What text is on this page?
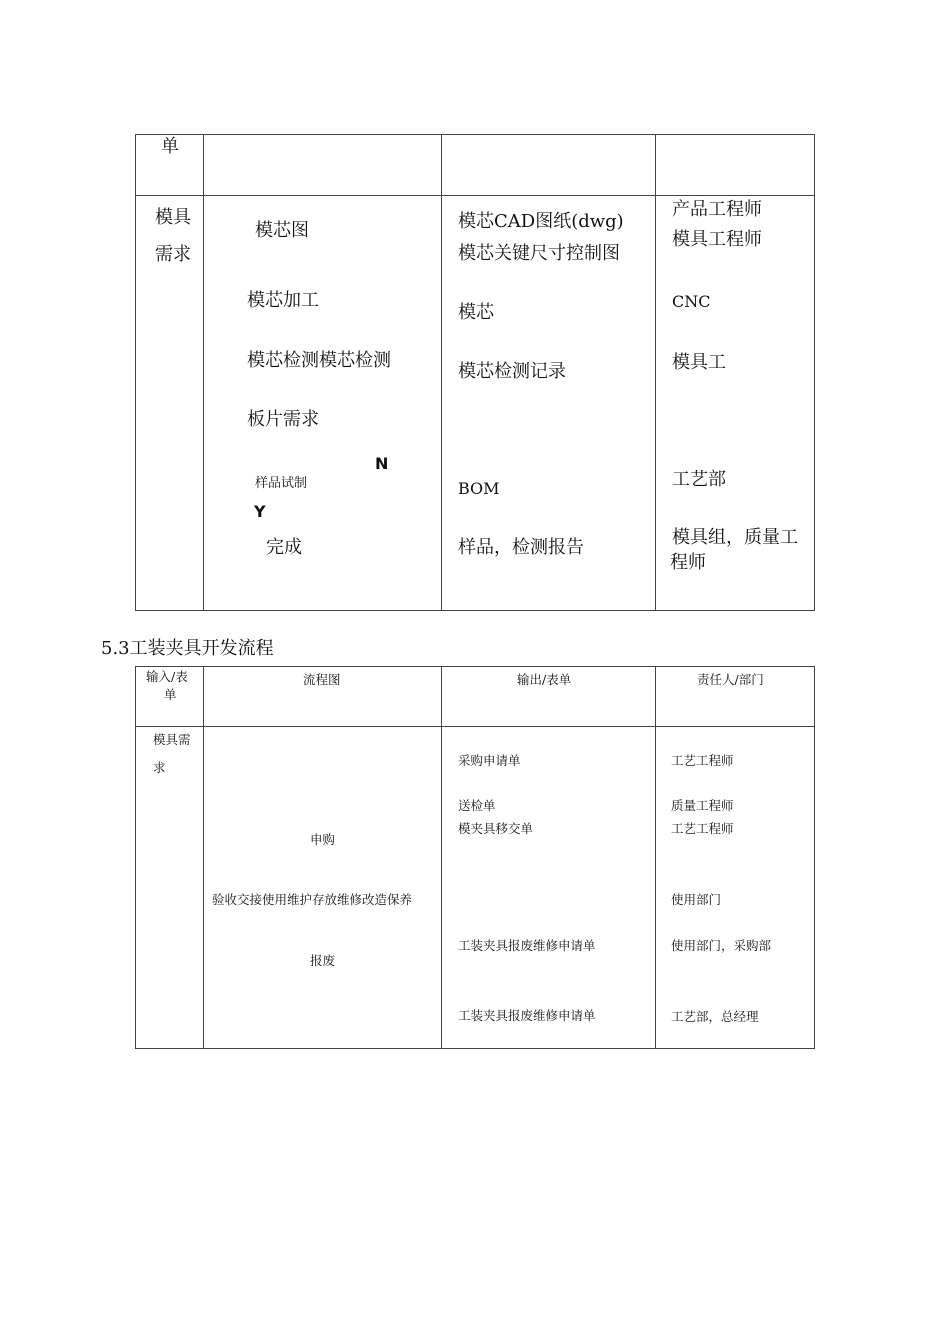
单
模具
需求
模芯图
模芯加工
模芯检测模芯检测
板片需求
N
样品试制
Y
完成
模芯CAD图纸(dwg)
模芯关键尺寸控制图
模芯
模芯检测记录
BOM
样品，检测报告
产品工程师
模具工程师
CNC
模具工
工艺部
模具组，质量工
程师
5.3工装夹具开发流程
输入/表
单
流程图	输出/表单	责任人/部门
模具需
求
申购
验收交接使用维护存放维修改造保养
报废
采购申请单
送检单
模夹具移交单
工装夹具报废维修申请单
工装夹具报废维修申请单
工艺工程师
质量工程师
工艺工程师
使用部门
使用部门，采购部
工艺部，总经理
